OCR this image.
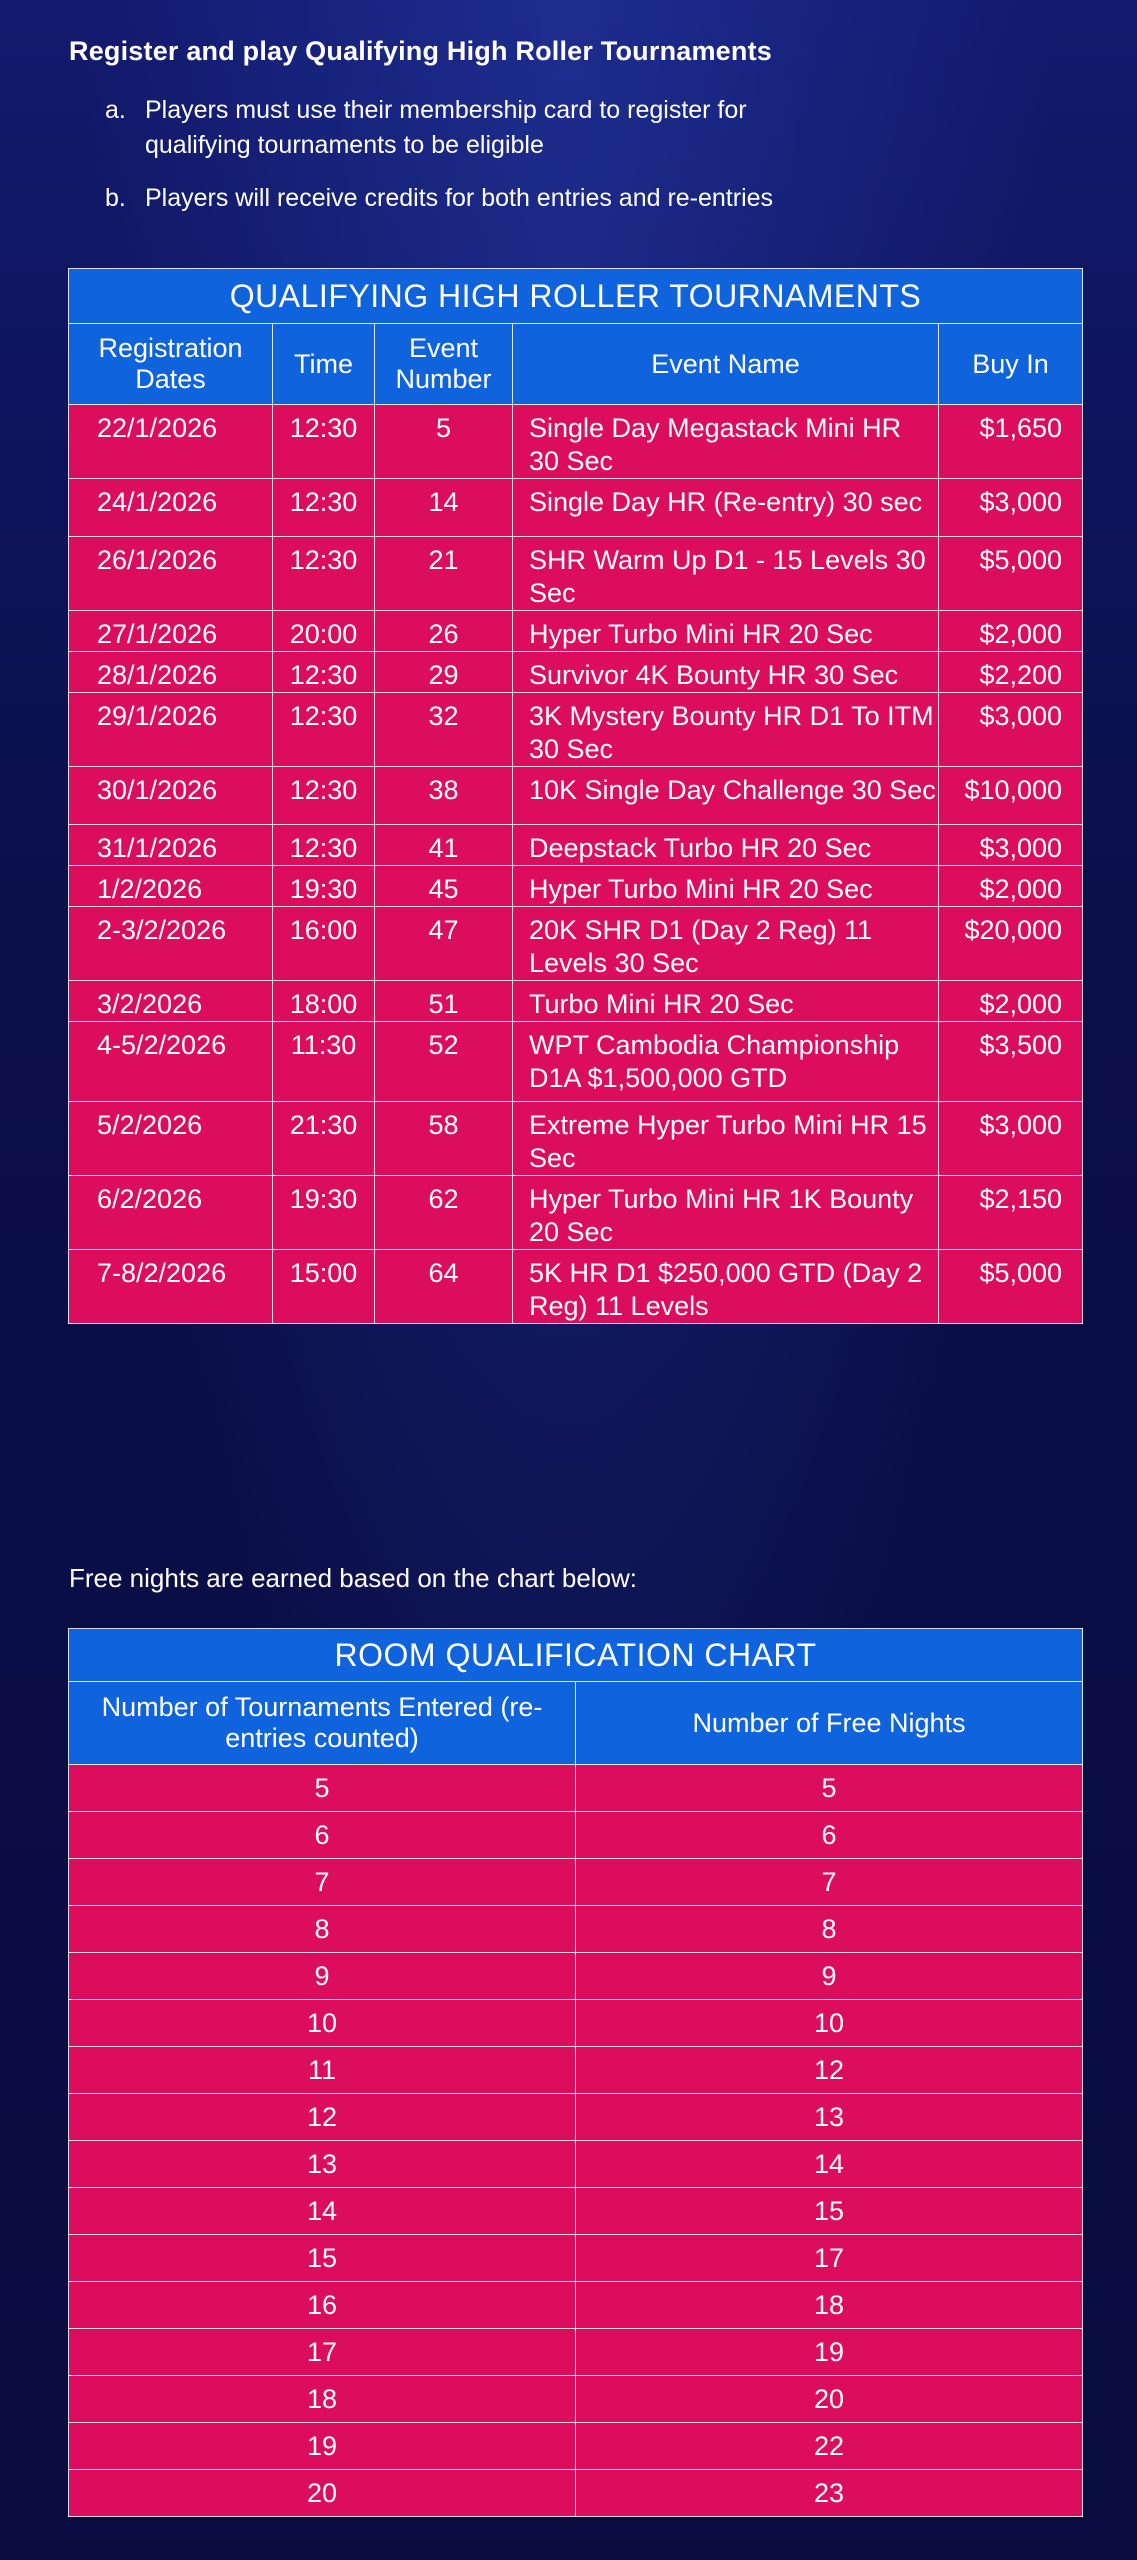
Register and play Qualifying High Roller Tournaments
a. Players must use their membership card to register for qualifying tournaments to be eligible
b. Players will receive credits for both entries and re-entries
QUALIFYING HIGH ROLLER TOURNAMENTS				
Registration Dates	Time	Event Number	Event Name	Buy In
22/1/2026	12:30	5	Single Day Megastack Mini HR 30 Sec	$1,650
24/1/2026	12:30	14	Single Day HR (Re-entry) 30 sec	$3,000
26/1/2026	12:30	21	SHR Warm Up D1 - 15 Levels 30 Sec	$5,000
27/1/2026	20:00	26	Hyper Turbo Mini HR 20 Sec	$2,000
28/1/2026	12:30	29	Survivor 4K Bounty HR 30 Sec	$2,200
29/1/2026	12:30	32	3K Mystery Bounty HR D1 To ITM 30 Sec	$3,000
30/1/2026	12:30	38	10K Single Day Challenge 30 Sec	$10,000
31/1/2026	12:30	41	Deepstack Turbo HR 20 Sec	$3,000
1/2/2026	19:30	45	Hyper Turbo Mini HR 20 Sec	$2,000
2-3/2/2026	16:00	47	20K SHR D1 (Day 2 Reg) 11 Levels 30 Sec	$20,000
3/2/2026	18:00	51	Turbo Mini HR 20 Sec	$2,000
4-5/2/2026	11:30	52	WPT Cambodia Championship D1A $1,500,000 GTD	$3,500
5/2/2026	21:30	58	Extreme Hyper Turbo Mini HR 15 Sec	$3,000
6/2/2026	19:30	62	Hyper Turbo Mini HR 1K Bounty 20 Sec	$2,150
7-8/2/2026	15:00	64	5K HR D1 $250,000 GTD (Day 2 Reg) 11 Levels	$5,000

Free nights are earned based on the chart below:

ROOM QUALIFICATION CHART	
Number of Tournaments Entered (re-entries counted)	Number of Free Nights
5	5
6	6
7	7
8	8
9	9
10	10
11	12
12	13
13	14
14	15
15	17
16	18
17	19
18	20
19	22
20	23
